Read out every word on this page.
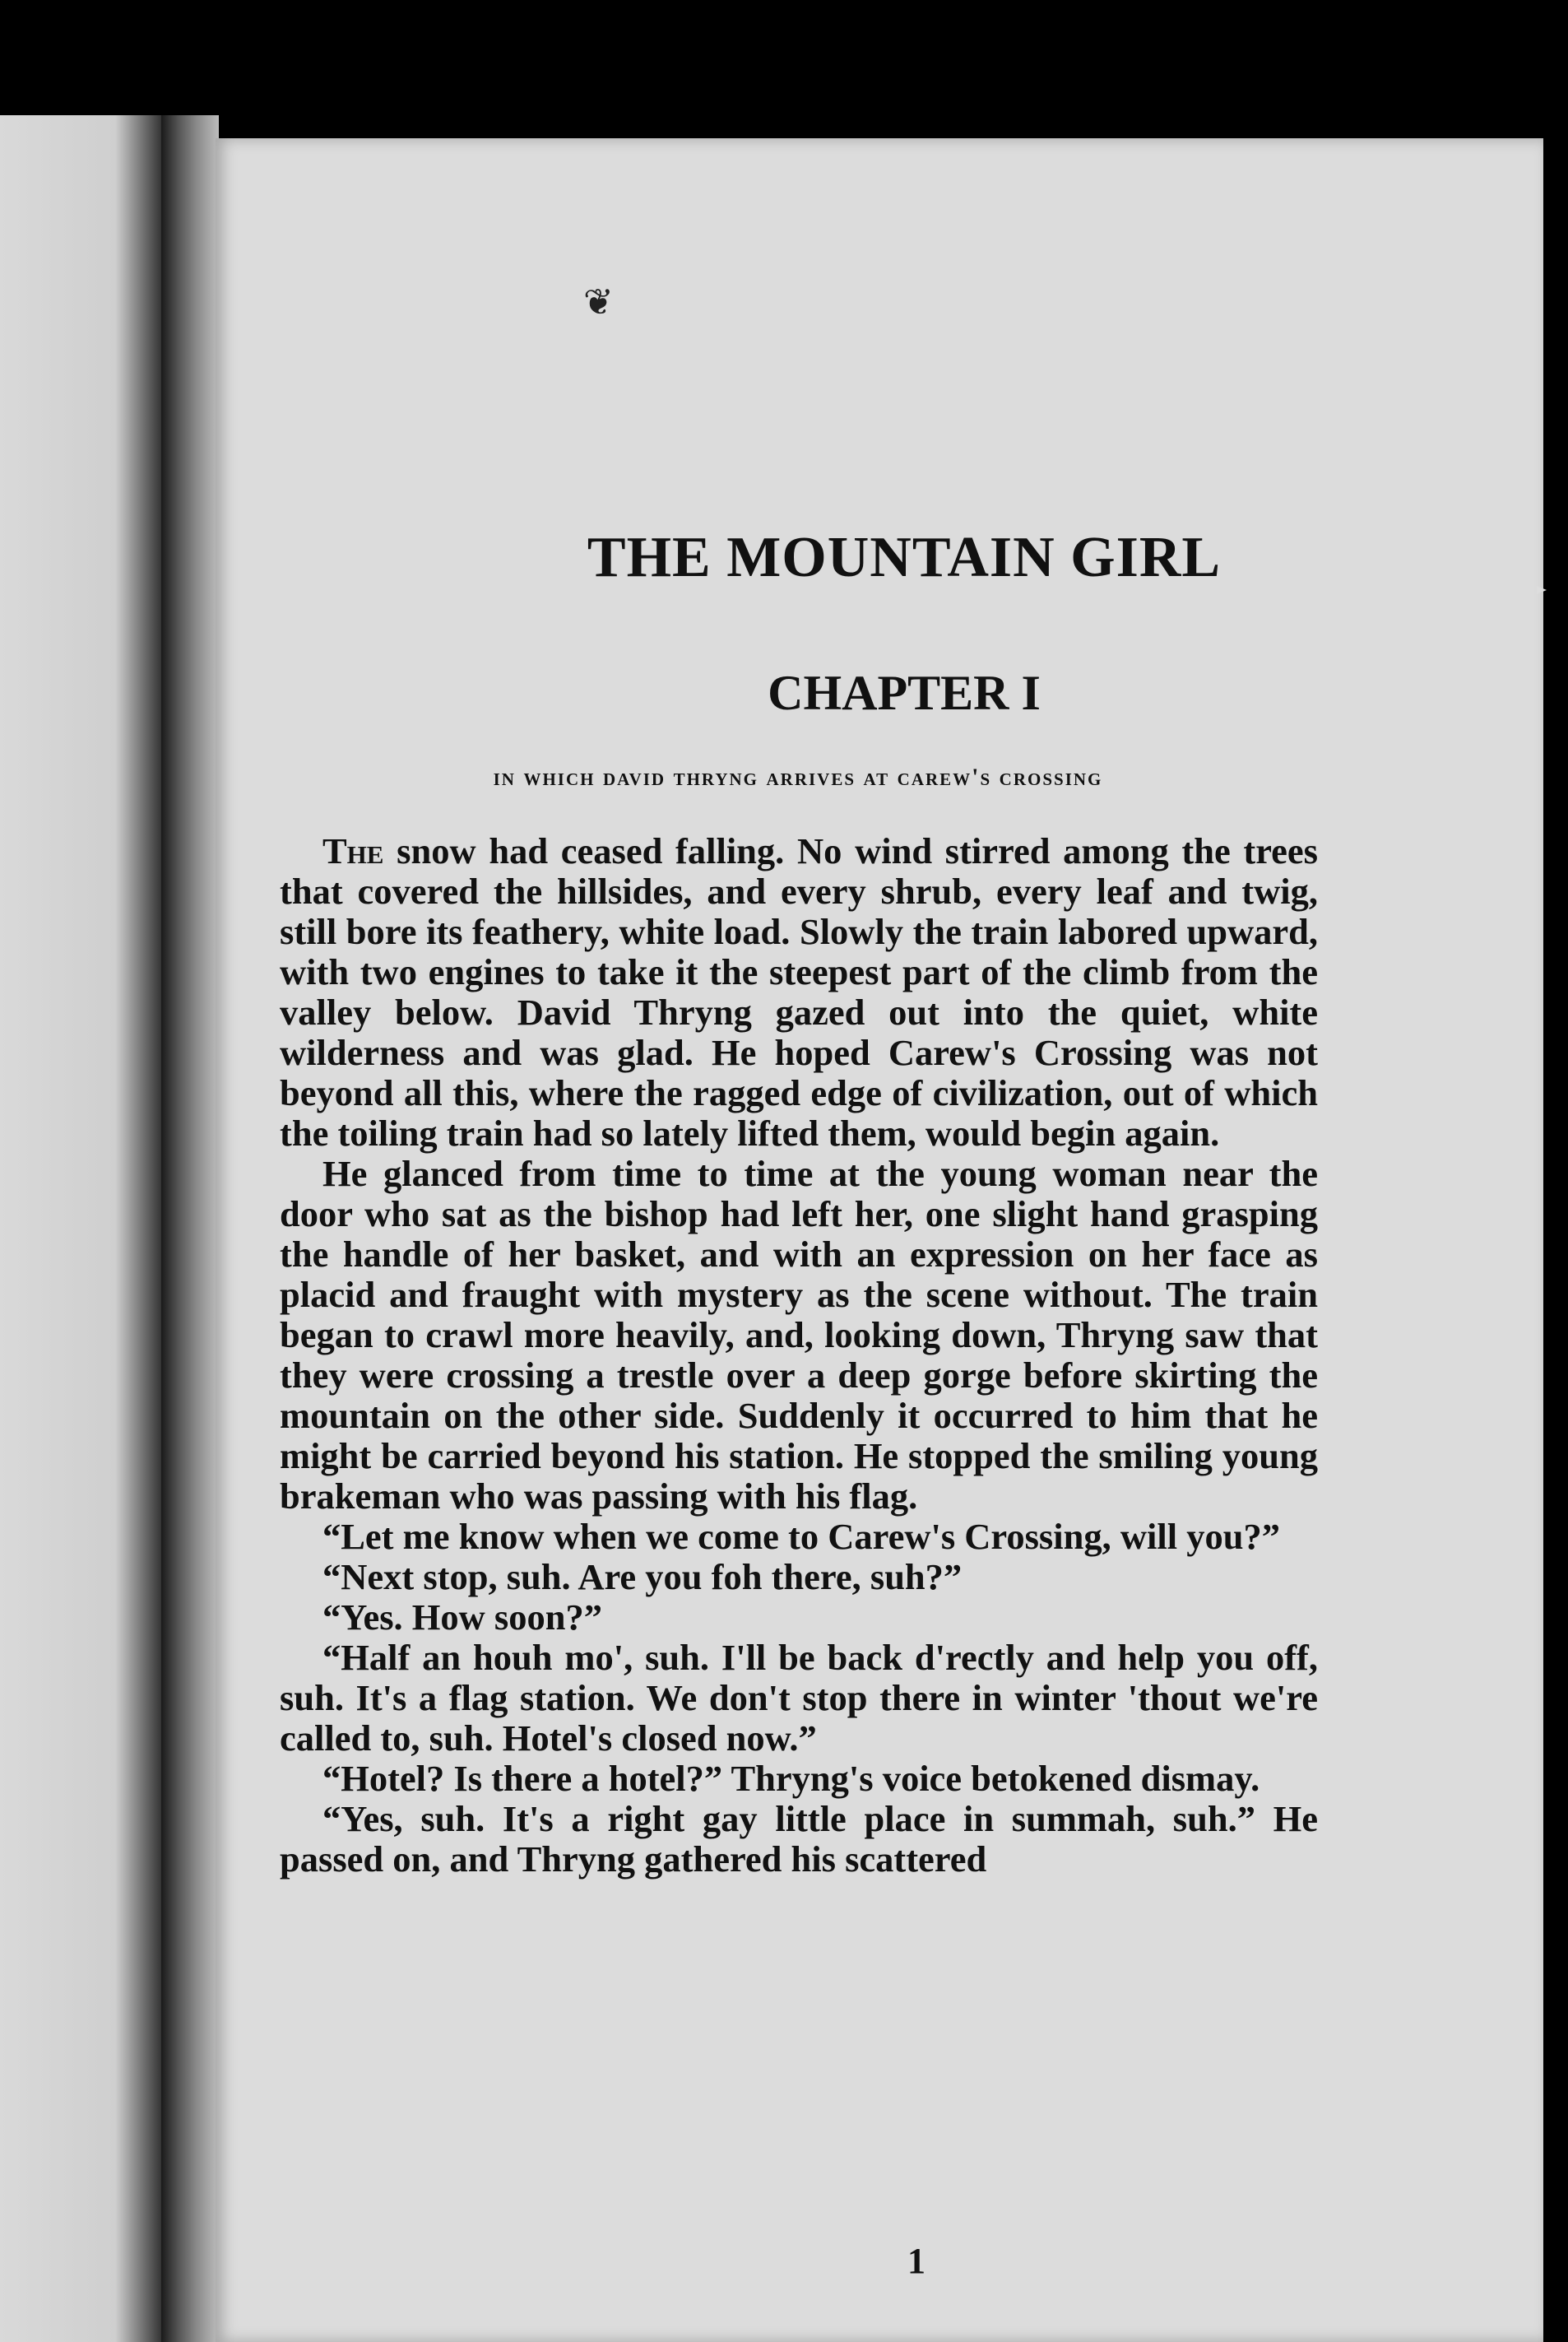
❦
THE MOUNTAIN GIRL
CHAPTER I
in which david thryng arrives at carew's crossing

The snow had ceased falling. No wind stirred among the trees that covered the hillsides, and every shrub, every leaf and twig, still bore its feathery, white load. Slowly the train labored upward, with two engines to take it the steepest part of the climb from the valley below. David Thryng gazed out into the quiet, white wilderness and was glad. He hoped Carew's Crossing was not beyond all this, where the ragged edge of civilization, out of which the toiling train had so lately lifted them, would begin again.

He glanced from time to time at the young woman near the door who sat as the bishop had left her, one slight hand grasping the handle of her basket, and with an expression on her face as placid and fraught with mystery as the scene without. The train began to crawl more heavily, and, looking down, Thryng saw that they were crossing a trestle over a deep gorge before skirting the mountain on the other side. Suddenly it occurred to him that he might be carried beyond his station. He stopped the smiling young brakeman who was passing with his flag.

“Let me know when we come to Carew's Crossing, will you?”

“Next stop, suh. Are you foh there, suh?”

“Yes. How soon?”

“Half an houh mo', suh. I'll be back d'rectly and help you off, suh. It's a flag station. We don't stop there in winter 'thout we're called to, suh. Hotel's closed now.”

“Hotel? Is there a hotel?” Thryng's voice betokened dismay.

“Yes, suh. It's a right gay little place in summah, suh.” He passed on, and Thryng gathered his scattered

1
